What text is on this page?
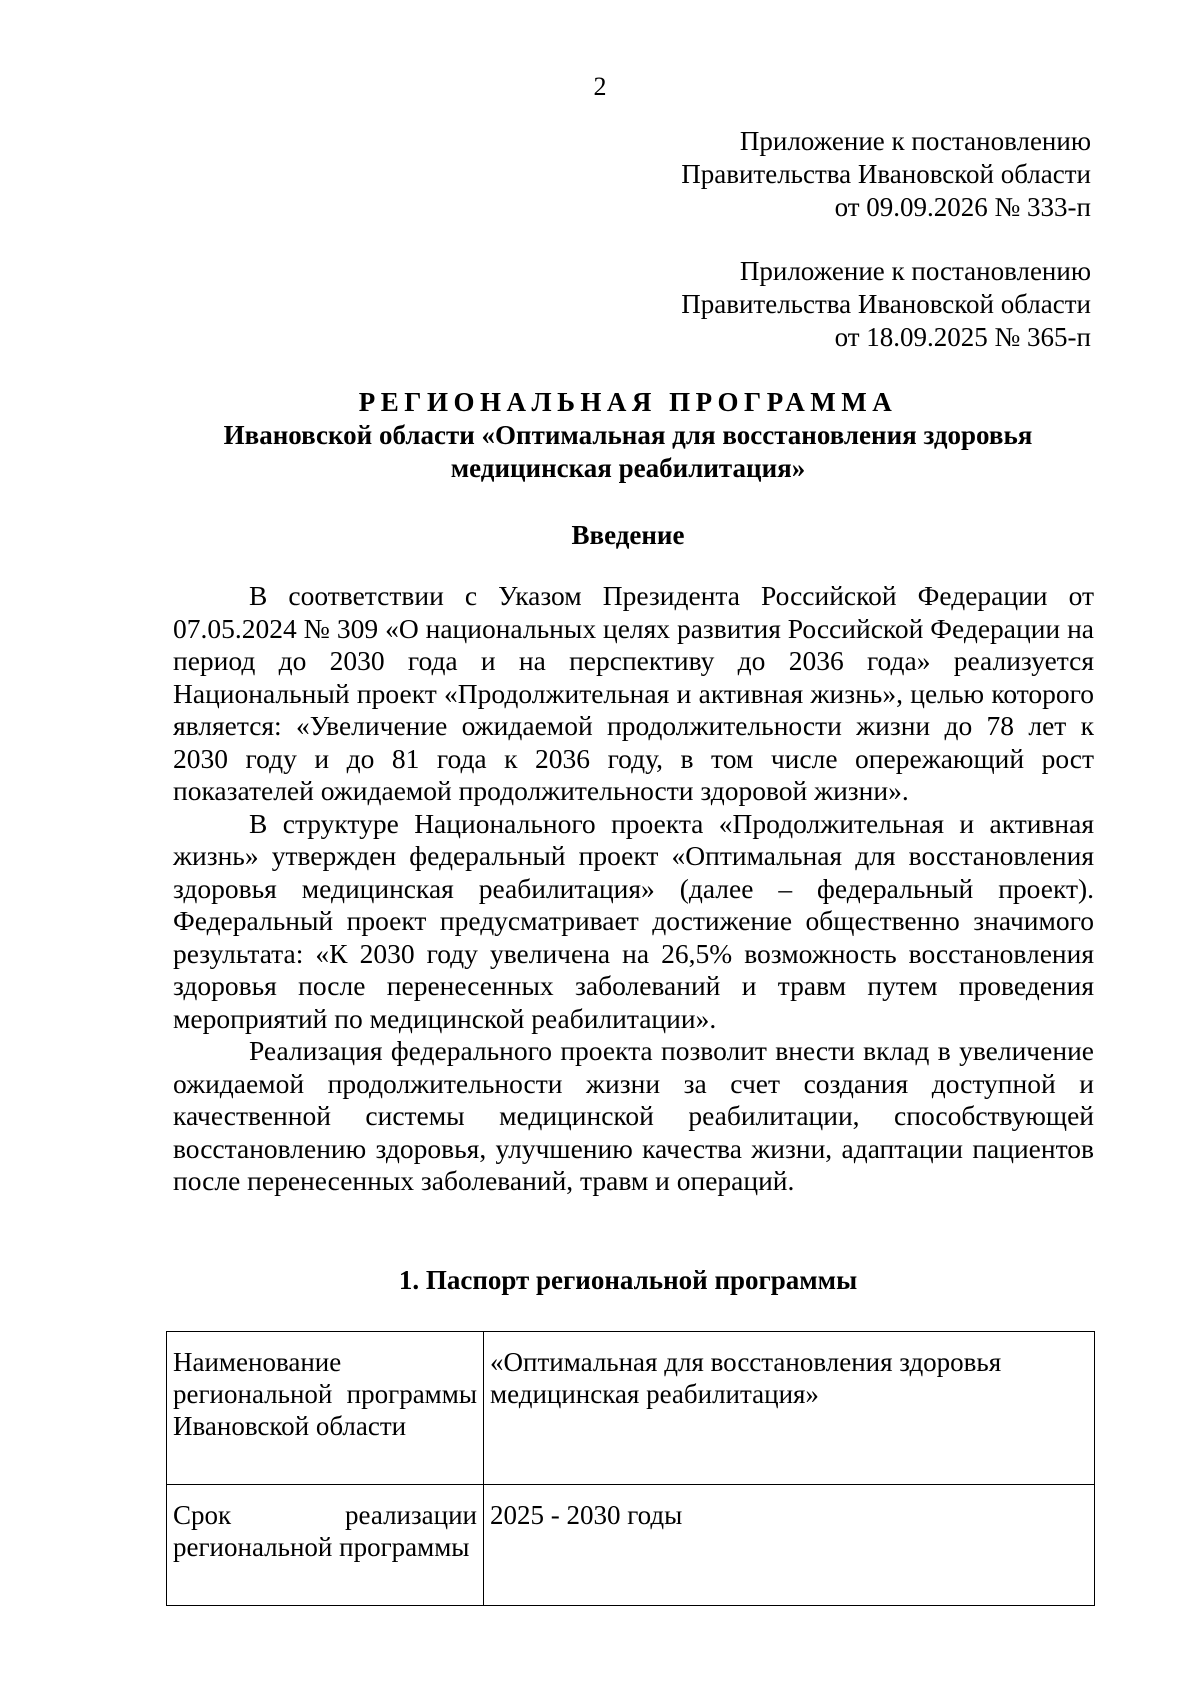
2
Приложение к постановлению
Правительства Ивановской области
от 09.09.2026 № 333-п
Приложение к постановлению
Правительства Ивановской области
от 18.09.2025 № 365-п
РЕГИОНАЛЬНАЯ ПРОГРАММА
Ивановской области «Оптимальная для восстановления здоровья
медицинская реабилитация»
Введение

В соответствии с Указом Президента Российской Федерации от 07.05.2024 № 309 «О национальных целях развития Российской Федерации на период до 2030 года и на перспективу до 2036 года» реализуется Национальный проект «Продолжительная и активная жизнь», целью которого является: «Увеличение ожидаемой продолжительности жизни до 78 лет к 2030 году и до 81 года к 2036 году, в том числе опережающий рост показателей ожидаемой продолжительности здоровой жизни».

В структуре Национального проекта «Продолжительная и активная жизнь» утвержден федеральный проект «Оптимальная для восстановления здоровья медицинская реабилитация» (далее – федеральный проект). Федеральный проект предусматривает достижение общественно значимого результата: «К 2030 году увеличена на 26,5% возможность восстановления здоровья после перенесенных заболеваний и травм путем проведения мероприятий по медицинской реабилитации».

Реализация федерального проекта позволит внести вклад в увеличение ожидаемой продолжительности жизни за счет создания доступной и качественной системы медицинской реабилитации, способствующей восстановлению здоровья, улучшению качества жизни, адаптации пациентов после перенесенных заболеваний, травм и операций.

1. Паспорт региональной программы
Наименование региональной программы Ивановской области	«Оптимальная для восстановления здоровья медицинская реабилитация»
Срок реализации региональной программы	2025 - 2030 годы
